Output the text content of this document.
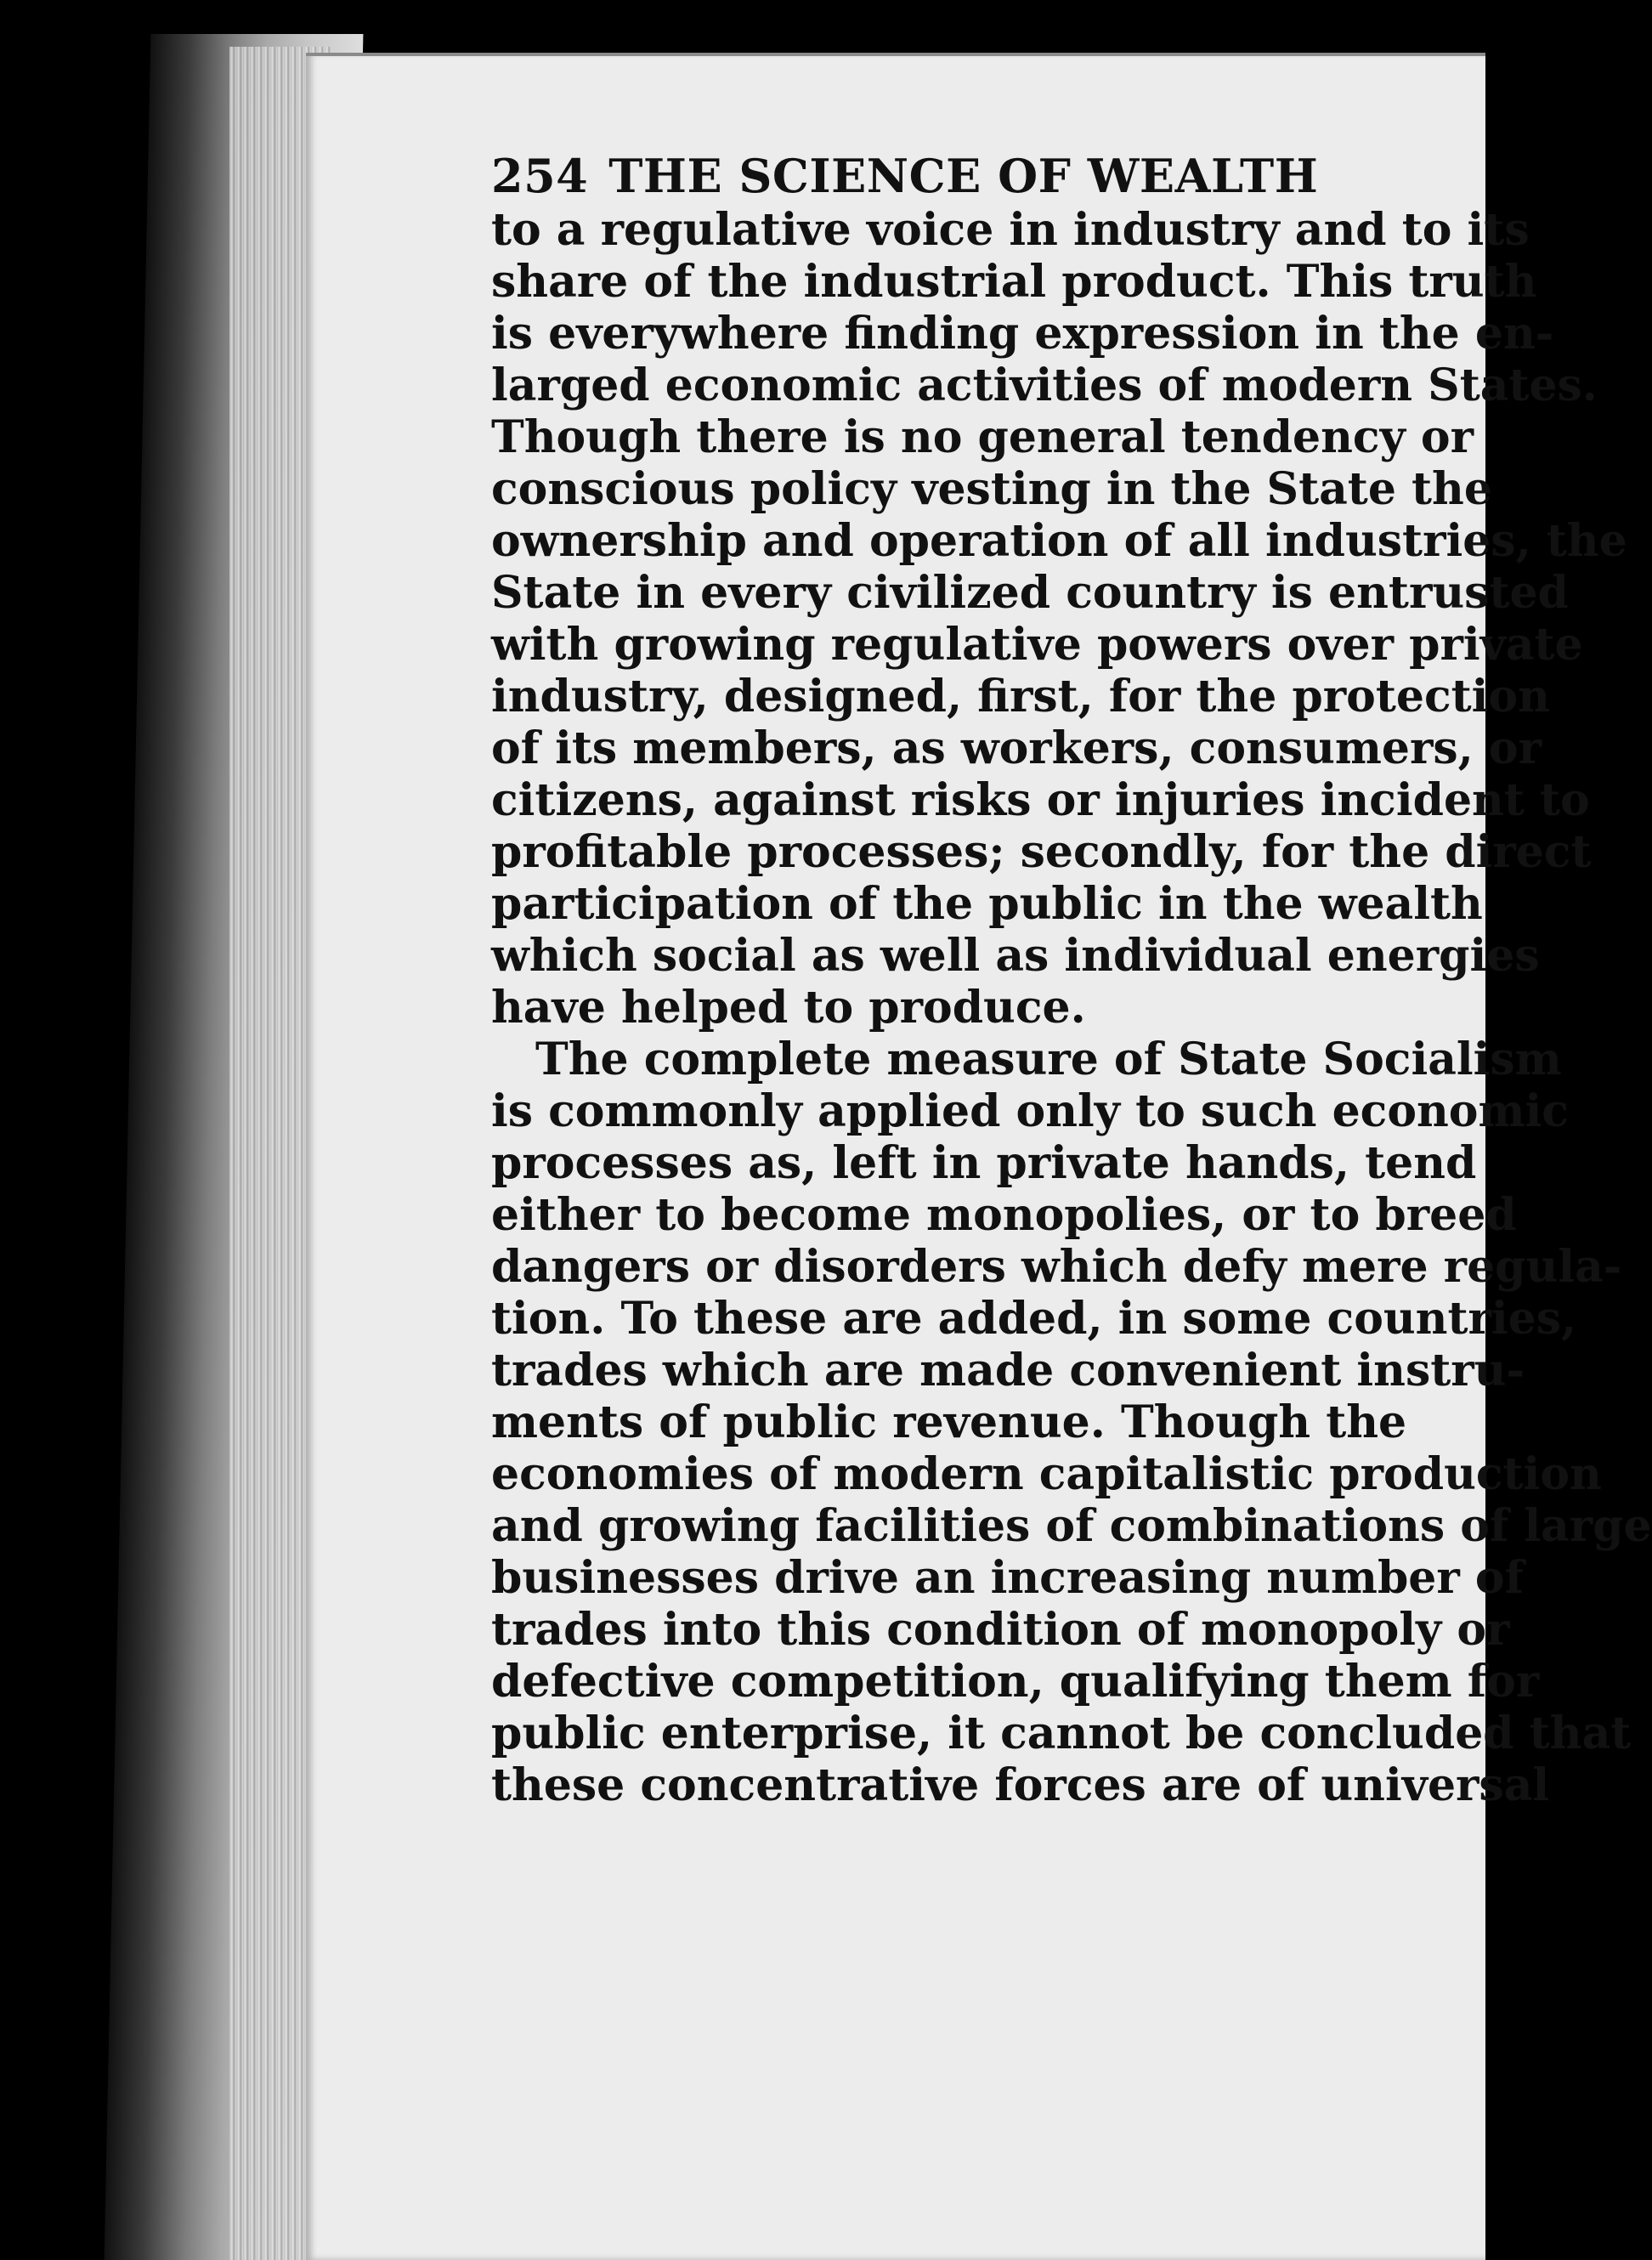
254 THE SCIENCE OF WEALTH
to a regulative voice in industry and to its
share of the industrial product. This truth
is everywhere finding expression in the en-
larged economic activities of modern States.
Though there is no general tendency or
conscious policy vesting in the State the
ownership and operation of all industries, the
State in every civilized country is entrusted
with growing regulative powers over private
industry, designed, first, for the protection
of its members, as workers, consumers, or
citizens, against risks or injuries incident to
profitable processes; secondly, for the direct
participation of the public in the wealth
which social as well as individual energies
have helped to produce.
The complete measure of State Socialism
is commonly applied only to such economic
processes as, left in private hands, tend
either to become monopolies, or to breed
dangers or disorders which defy mere regula-
tion. To these are added, in some countries,
trades which are made convenient instru-
ments of public revenue. Though the
economies of modern capitalistic production
and growing facilities of combinations of large
businesses drive an increasing number of
trades into this condition of monopoly or
defective competition, qualifying them for
public enterprise, it cannot be concluded that
these concentrative forces are of universal
